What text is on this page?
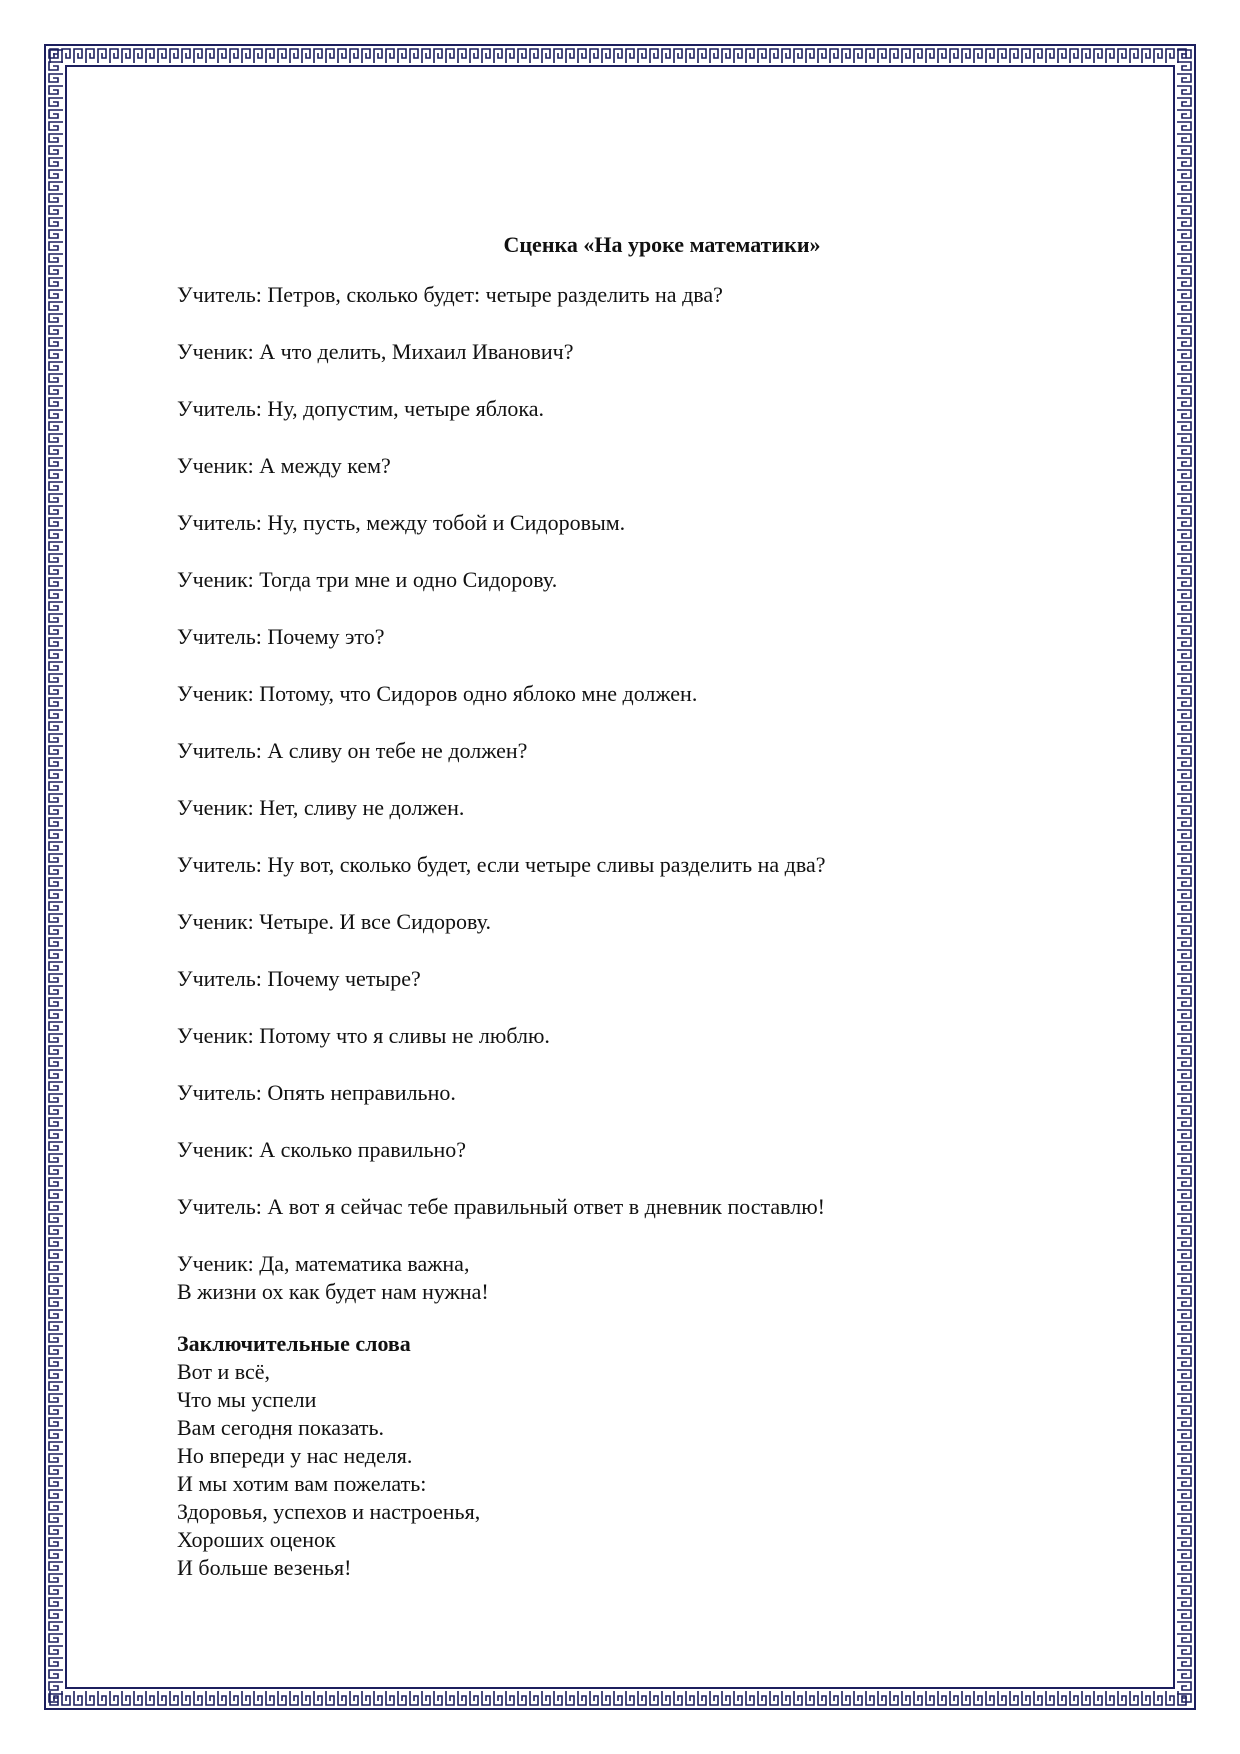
Сценка «На уроке математики»
Учитель: Петров, сколько будет: четыре разделить на два?
Ученик: А что делить, Михаил Иванович?
Учитель: Ну, допустим, четыре яблока.
Ученик: А между кем?
Учитель: Ну, пусть, между тобой и Сидоровым.
Ученик: Тогда три мне и одно Сидорову.
Учитель: Почему это?
Ученик: Потому, что Сидоров одно яблоко мне должен.
Учитель: А сливу он тебе не должен?
Ученик: Нет, сливу не должен.
Учитель: Ну вот, сколько будет, если четыре сливы разделить на два?
Ученик: Четыре. И все Сидорову.
Учитель: Почему четыре?
Ученик: Потому что я сливы не люблю.
Учитель: Опять неправильно.
Ученик: А сколько правильно?
Учитель: А вот я сейчас тебе правильный ответ в дневник поставлю!
Ученик: Да, математика важна,
В жизни ох как будет нам нужна!
Заключительные слова
Вот и всё,
Что мы успели
Вам сегодня показать.
Но впереди у нас неделя.
И мы хотим вам пожелать:
Здоровья, успехов и настроенья,
Хороших оценок
И больше везенья!
